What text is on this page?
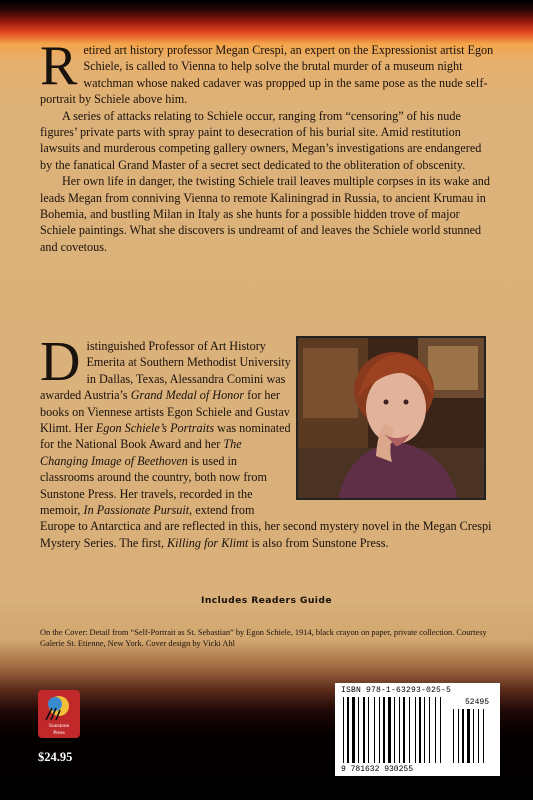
Retired art history professor Megan Crespi, an expert on the Expressionist artist Egon Schiele, is called to Vienna to help solve the brutal murder of a museum night watchman whose naked cadaver was propped up in the same pose as the nude self-portrait by Schiele above him.

A series of attacks relating to Schiele occur, ranging from “censoring” of his nude figures’ private parts with spray paint to desecration of his burial site. Amid restitution lawsuits and murderous competing gallery owners, Megan’s investigations are endangered by the fanatical Grand Master of a secret sect dedicated to the obliteration of obscenity.

Her own life in danger, the twisting Schiele trail leaves multiple corpses in its wake and leads Megan from conniving Vienna to remote Kaliningrad in Russia, to ancient Krumau in Bohemia, and bustling Milan in Italy as she hunts for a possible hidden trove of major Schiele paintings. What she discovers is undreamt of and leaves the Schiele world stunned and covetous.

Distinguished Professor of Art History Emerita at Southern Methodist University in Dallas, Texas, Alessandra Comini was awarded Austria’s Grand Medal of Honor for her books on Viennese artists Egon Schiele and Gustav Klimt. Her Egon Schiele’s Portraits was nominated for the National Book Award and her The Changing Image of Beethoven is used in classrooms around the country, both now from Sunstone Press. Her travels, recorded in the memoir, In Passionate Pursuit, extend from Europe to Antarctica and are reflected in this, her second mystery novel in the Megan Crespi Mystery Series. The first, Killing for Klimt is also from Sunstone Press.
Includes Readers Guide
On the Cover: Detail from “Self-Portrait as St. Sebastian” by Egon Schiele, 1914, black crayon on paper, private collection. Courtesy Galerie St. Etienne, New York. Cover design by Vicki Ahl
Sunstone
Press
$24.95
ISBN 978-1-63293-025-5
52495
9 781632 930255
